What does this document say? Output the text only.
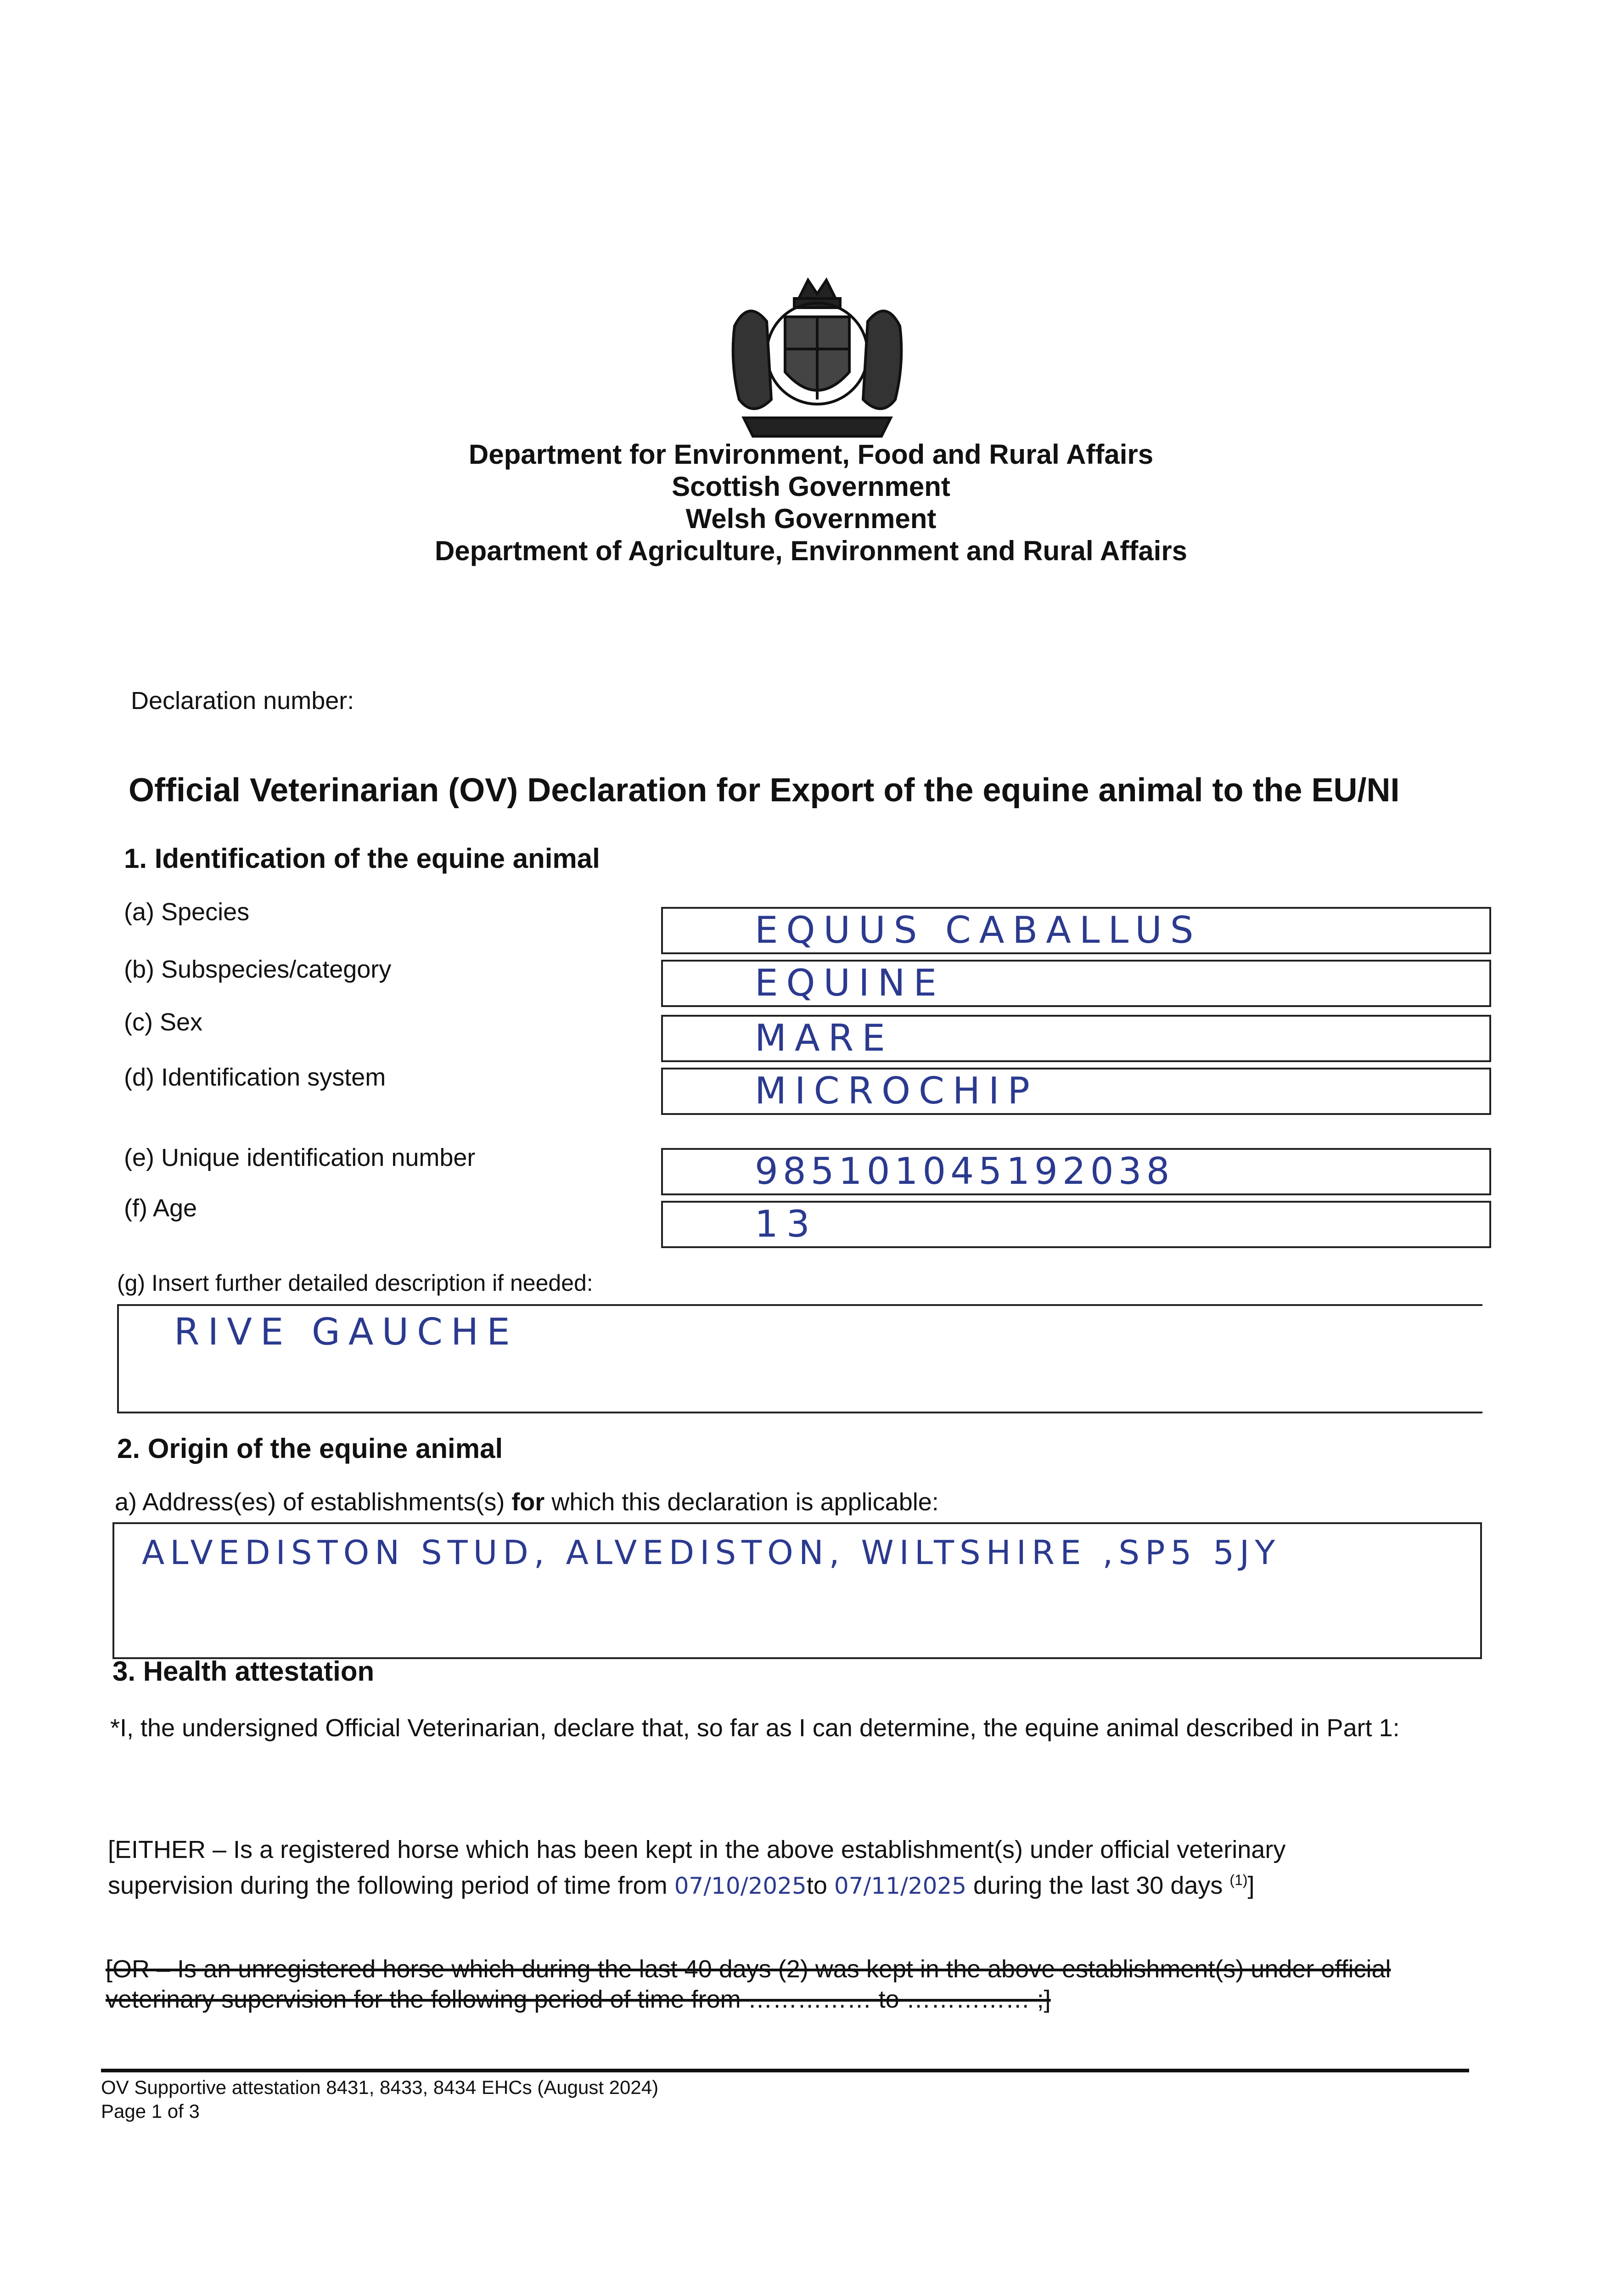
Department for Environment, Food and Rural Affairs
Scottish Government
Welsh Government
Department of Agriculture, Environment and Rural Affairs
Declaration number:
Official Veterinarian (OV) Declaration for Export of the equine animal to the EU/NI
1. Identification of the equine animal
(a) Species	EQUUS CABALLUS
(b) Subspecies/category	EQUINE
(c) Sex	MARE
(d) Identification system	MICROCHIP
(e) Unique identification number	985101045192038
(f) Age	13
(g) Insert further detailed description if needed:
RIVE GAUCHE
2. Origin of the equine animal
a) Address(es) of establishments(s) for which this declaration is applicable:
ALVEDISTON STUD, ALVEDISTON, WILTSHIRE ,SP5 5JY
3. Health attestation
*I, the undersigned Official Veterinarian, declare that, so far as I can determine, the equine animal described in Part 1:
[EITHER – Is a registered horse which has been kept in the above establishment(s) under official veterinary
supervision during the following period of time from 07/10/2025to 07/11/2025 during the last 30 days $^{(1)}$]
[OR – Is an unregistered horse which during the last 40 days (2) was kept in the above establishment(s) under official
veterinary supervision for the following period of time from …………… to …………… ;]
OV Supportive attestation 8431, 8433, 8434 EHCs (August 2024)
Page 1 of 3
